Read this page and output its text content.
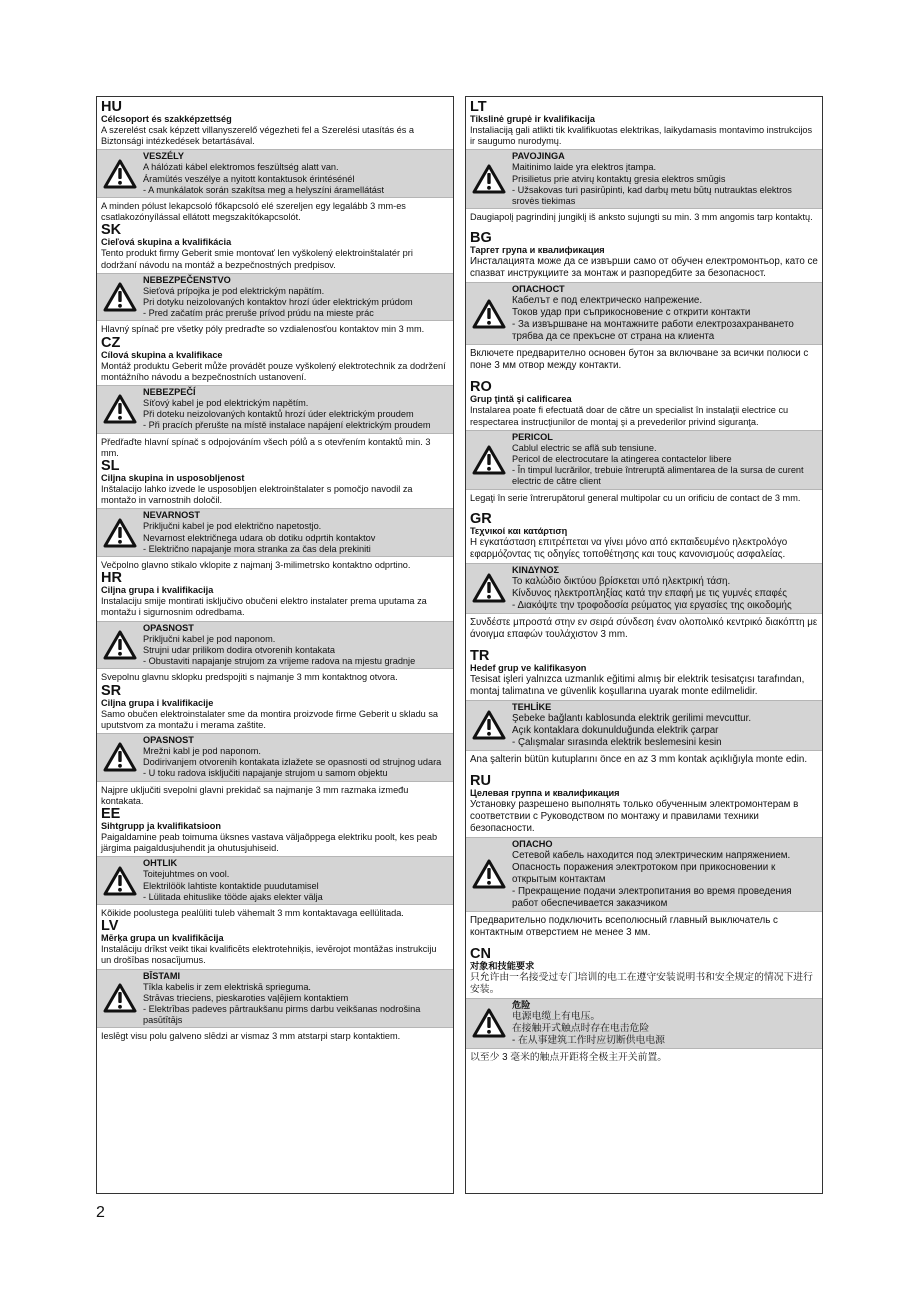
HU
Célcsoport és szakképzettség
A szerelést csak képzett villanyszerelő végezheti fel a Szerelési utasítás és a Biztonsági intézkedések betartásával.
VESZÉLY
A hálózati kábel elektromos feszültség alatt van.
Áramütés veszélye a nyitott kontaktusok érintésénél
- A munkálatok során szakítsa meg a helyszíni áramellátást
A minden pólust lekapcsoló főkapcsoló elé szereljen egy legalább 3 mm-es csatlakozónyílással ellátott megszakítókapcsolót.
SK
Cieľová skupina a kvalifikácia
Tento produkt firmy Geberit smie montovať len vyškolený elektroinštalatér pri dodržaní návodu na montáž a bezpečnostných predpisov.
NEBEZPEČENSTVO
Sieťová prípojka je pod elektrickým napätím.
Pri dotyku neizolovaných kontaktov hrozí úder elektrickým prúdom
- Pred začatím prác preruše prívod prúdu na mieste prác
Hlavný spínač pre všetky póly predraďte so vzdialenosťou kontaktov min 3 mm.
CZ
Cílová skupina a kvalifikace
Montáž produktu Geberit může provádět pouze vyškolený elektrotechnik za dodržení montážního návodu a bezpečnostních ustanovení.
NEBEZPEČÍ
Síťový kabel je pod elektrickým napětím.
Při doteku neizolovaných kontaktů hrozí úder elektrickým proudem
- Při pracích přerušte na místě instalace napájení elektrickým proudem
Předřaďte hlavní spínač s odpojováním všech pólů a s otevřením kontaktů min. 3 mm.
SL
Ciljna skupina in usposobljenost
Inštalacijo lahko izvede le usposobljen elektroinštalater s pomočjo navodil za montažo in varnostnih določil.
NEVARNOST
Priključni kabel je pod električno napetostjo.
Nevarnost električnega udara ob dotiku odprtih kontaktov
- Električno napajanje mora stranka za čas dela prekiniti
Večpolno glavno stikalo vklopite z najmanj 3-milimetrsko kontaktno odprtino.
HR
Ciljna grupa i kvalifikacija
Instalaciju smije montirati isključivo obučeni elektro instalater prema uputama za montažu i sigurnosnim odredbama.
OPASNOST
Priključni kabel je pod naponom.
Strujni udar prilikom dodira otvorenih kontakata
- Obustaviti napajanje strujom za vrijeme radova na mjestu gradnje
Svepolnu glavnu sklopku predspojiti s najmanje 3 mm kontaktnog otvora.
SR
Ciljna grupa i kvalifikacije
Samo obučen elektroinstalater sme da montira proizvode firme Geberit u skladu sa uputstvom za montažu i merama zaštite.
OPASNOST
Mrežni kabl je pod naponom.
Dodirivanjem otvorenih kontakata izlažete se opasnosti od strujnog udara
- U toku radova isključiti napajanje strujom u samom objektu
Najpre uključiti svepolni glavni prekidač sa najmanje 3 mm razmaka između kontakata.
EE
Sihtgrupp ja kvalifikatsioon
Paigaldamine peab toimuma üksnes vastava väljaõppega elektriku poolt, kes peab järgima paigaldusjuhendit ja ohutusjuhiseid.
OHTLIK
Toitejuhtmes on vool.
Elektrilöök lahtiste kontaktide puudutamisel
- Lülitada ehituslike tööde ajaks elekter välja
Kõikide poolustega pealüliti tuleb vähemalt 3 mm kontaktavaga eellülitada.
LV
Mērķa grupa un kvalifikācija
Instalāciju drīkst veikt tikai kvalificēts elektrotehniķis, ievērojot montāžas instrukciju un drošības nosacījumus.
BĪSTAMI
Tīkla kabelis ir zem elektriskā sprieguma.
Strāvas trieciens, pieskaroties vaļējiem kontaktiem
- Elektrības padeves pārtraukšanu pirms darbu veikšanas nodrošina pasūtītājs
Ieslēgt visu polu galveno slēdzi ar vismaz 3 mm atstarpi starp kontaktiem.
LT
Tikslinė grupė ir kvalifikacija
Instaliaciją gali atlikti tik kvalifikuotas elektrikas, laikydamasis montavimo instrukcijos ir saugumo nurodymų.
PAVOJINGA
Maitinimo laide yra elektros įtampa.
Prisilietus prie atvirų kontaktų gresia elektros smūgis
- Užsakovas turi pasirūpinti, kad darbų metu būtų nutrauktas elektros srovės tiekimas
Daugiapolį pagrindinį jungiklį iš anksto sujungti su min. 3 mm angomis tarp kontaktų.
BG
Таргет група и квалификация
Инсталацията може да се извърши само от обучен електромонтьор, като се спазват инструкциите за монтаж и разпоредбите за безопасност.
ОПАСНОСТ
Кабелът е под електрическо напрежение.
Токов удар при съприкосновение с открити контакти
- За извършване на монтажните работи електрозахранването трябва да се прекъсне от страна на клиента
Включете предварително основен бутон за включване за всички полюси с поне 3 мм отвор между контакти.
RO
Grup ţintă şi calificarea
Instalarea poate fi efectuată doar de către un specialist în instalaţii electrice cu respectarea instrucţiunilor de montaj şi a prevederilor privind siguranţa.
PERICOL
Cablul electric se află sub tensiune.
Pericol de electrocutare la atingerea contactelor libere
- În timpul lucrărilor, trebuie întreruptă alimentarea de la sursa de curent electric de către client
Legaţi în serie întrerupătorul general multipolar cu un orificiu de contact de 3 mm.
GR
Τεχνικοί και κατάρτιση
Η εγκατάσταση επιτρέπεται να γίνει μόνο από εκπαιδευμένο ηλεκτρολόγο εφαρμόζοντας τις οδηγίες τοποθέτησης και τους κανονισμούς ασφαλείας.
ΚΙΝΔΥΝΟΣ
Το καλώδιο δικτύου βρίσκεται υπό ηλεκτρική τάση.
Κίνδυνος ηλεκτροπληξίας κατά την επαφή με τις γυμνές επαφές
- Διακόψτε την τροφοδοσία ρεύματος για εργασίες της οικοδομής
Συνδέστε μπροστά στην εν σειρά σύνδεση έναν ολοπολικό κεντρικό διακόπτη με άνοιγμα επαφών τουλάχιστον 3 mm.
TR
Hedef grup ve kalifikasyon
Tesisat işleri yalnızca uzmanlık eğitimi almış bir elektrik tesisatçısı tarafından, montaj talimatına ve güvenlik koşullarına uyarak monte edilmelidir.
TEHLİKE
Şebeke bağlantı kablosunda elektrik gerilimi mevcuttur.
Açık kontaklara dokunulduğunda elektrik çarpar
- Çalışmalar sırasında elektrik beslemesini kesin
Ana şalterin bütün kutuplarını önce en az 3 mm kontak açıklığıyla monte edin.
RU
Целевая группа и квалификация
Установку разрешено выполнять только обученным электромонтерам в соответствии с Руководством по монтажу и правилами техники безопасности.
ОПАСНО
Сетевой кабель находится под электрическим напряжением.
Опасность поражения электротоком при прикосновении к открытым контактам
- Прекращение подачи электропитания во время проведения работ обеспечивается заказчиком
Предварительно подключить всеполюсный главный выключатель с контактным отверстием не менее 3 мм.
CN
对象和技能要求
只允许由一名接受过专门培训的电工在遵守安装说明书和安全规定的情况下进行安装。
危险
电源电缆上有电压。
在接触开式触点时存在电击危险
- 在从事建筑工作时应切断供电电源
以至少 3 毫米的触点开距将全极主开关前置。
2
